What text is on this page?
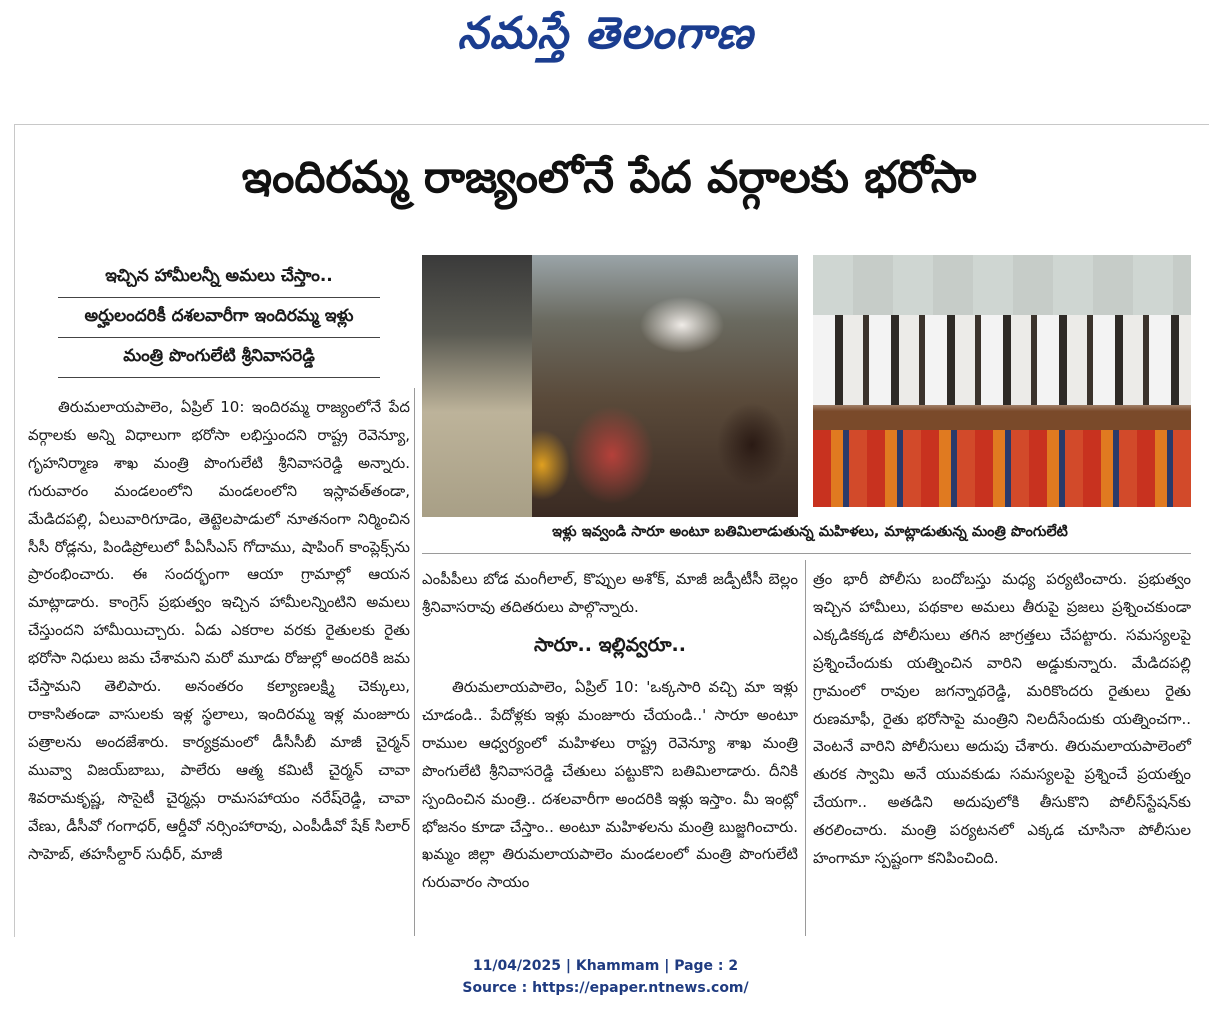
నమస్తే తెలంగాణ
ఇందిరమ్మ రాజ్యంలోనే పేద వర్గాలకు భరోసా
ఇచ్చిన హామీలన్నీ అమలు చేస్తాం..
అర్హులందరికీ దశలవారీగా ఇందిరమ్మ ఇళ్లు
మంత్రి పొంగులేటి శ్రీనివాసరెడ్డి
ఇళ్లు ఇవ్వండి సారూ అంటూ బతిమిలాడుతున్న మహిళలు, మాట్లాడుతున్న మంత్రి పొంగులేటి

తిరుమలాయపాలెం, ఏప్రిల్ 10: ఇందిరమ్మ రాజ్యంలోనే పేద వర్గాలకు అన్ని విధాలుగా భరోసా లభిస్తుందని రాష్ట్ర రెవెన్యూ, గృహనిర్మాణ శాఖ మంత్రి పొంగులేటి శ్రీనివాసరెడ్డి అన్నారు. గురువారం మండలంలోని మండలంలోని ఇస్లావత్‌తండా, మేడిదపల్లి, ఏలువారిగూడెం, తెట్టెలపాడులో నూతనంగా నిర్మించిన సీసీ రోడ్లను, పిండిప్రోలులో పీఏసీఎస్ గోదాము, షాపింగ్ కాంప్లెక్స్‌ను ప్రారంభించారు. ఈ సందర్భంగా ఆయా గ్రామాల్లో ఆయన మాట్లాడారు. కాంగ్రెస్ ప్రభుత్వం ఇచ్చిన హామీలన్నింటిని అమలు చేస్తుందని హామీయిచ్చారు. ఏడు ఎకరాల వరకు రైతులకు రైతు భరోసా నిధులు జమ చేశామని మరో మూడు రోజుల్లో అందరికి జమ చేస్తామని తెలిపారు. అనంతరం కల్యాణలక్ష్మి చెక్కులు, రాకాసితండా వాసులకు ఇళ్ల స్థలాలు, ఇందిరమ్మ ఇళ్ల మంజూరు పత్రాలను అందజేశారు. కార్యక్రమంలో డీసీసీబీ మాజీ చైర్మన్ మువ్వా విజయ్‌బాబు, పాలేరు ఆత్మ కమిటీ చైర్మన్ చావా శివరామకృష్ణ, సొసైటీ చైర్మన్లు రామసహాయం నరేష్‌రెడ్డి, చావా వేణు, డీసీవో గంగాధర్, ఆర్డీవో నర్సింహారావు, ఎంపీడీవో షేక్ సిలార్ సాహెబ్, తహసీల్దార్ సుధీర్, మాజీ

ఎంపీపీలు బోడ మంగీలాల్, కొప్పుల అశోక్, మాజీ జడ్పీటీసీ బెల్లం శ్రీనివాసరావు తదితరులు పాల్గొన్నారు.

సారూ.. ఇల్లివ్వరూ..

తిరుమలాయపాలెం, ఏప్రిల్ 10: 'ఒక్కసారి వచ్చి మా ఇళ్లు చూడండి.. పేదోళ్లకు ఇళ్లు మంజూరు చేయండి..' సారూ అంటూ రాముల ఆధ్వర్యంలో మహిళలు రాష్ట్ర రెవెన్యూ శాఖ మంత్రి పొంగులేటి శ్రీనివాసరెడ్డి చేతులు పట్టుకొని బతిమిలాడారు. దీనికి స్పందించిన మంత్రి.. దశలవారీగా అందరికి ఇళ్లు ఇస్తాం. మీ ఇంట్లో భోజనం కూడా చేస్తాం.. అంటూ మహిళలను మంత్రి బుజ్జగించారు. ఖమ్మం జిల్లా తిరుమలాయపాలెం మండలంలో మంత్రి పొంగులేటి గురువారం సాయం

త్రం భారీ పోలీసు బందోబస్తు మధ్య పర్యటించారు. ప్రభుత్వం ఇచ్చిన హామీలు, పథకాల అమలు తీరుపై ప్రజలు ప్రశ్నించకుండా ఎక్కడికక్కడ పోలీసులు తగిన జాగ్రత్తలు చేపట్టారు. సమస్యలపై ప్రశ్నించేందుకు యత్నించిన వారిని అడ్డుకున్నారు. మేడిదపల్లి గ్రామంలో రావుల జగన్నాథరెడ్డి, మరికొందరు రైతులు రైతు రుణమాఫీ, రైతు భరోసాపై మంత్రిని నిలదీసేందుకు యత్నించగా.. వెంటనే వారిని పోలీసులు అదుపు చేశారు. తిరుమలాయపాలెంలో తురక స్వామి అనే యువకుడు సమస్యలపై ప్రశ్నించే ప్రయత్నం చేయగా.. అతడిని అదుపులోకి తీసుకొని పోలీస్‌స్టేషన్‌కు తరలించారు. మంత్రి పర్యటనలో ఎక్కడ చూసినా పోలీసుల హంగామా స్పష్టంగా కనిపించింది.

11/04/2025 | Khammam | Page : 2
Source : https://epaper.ntnews.com/
